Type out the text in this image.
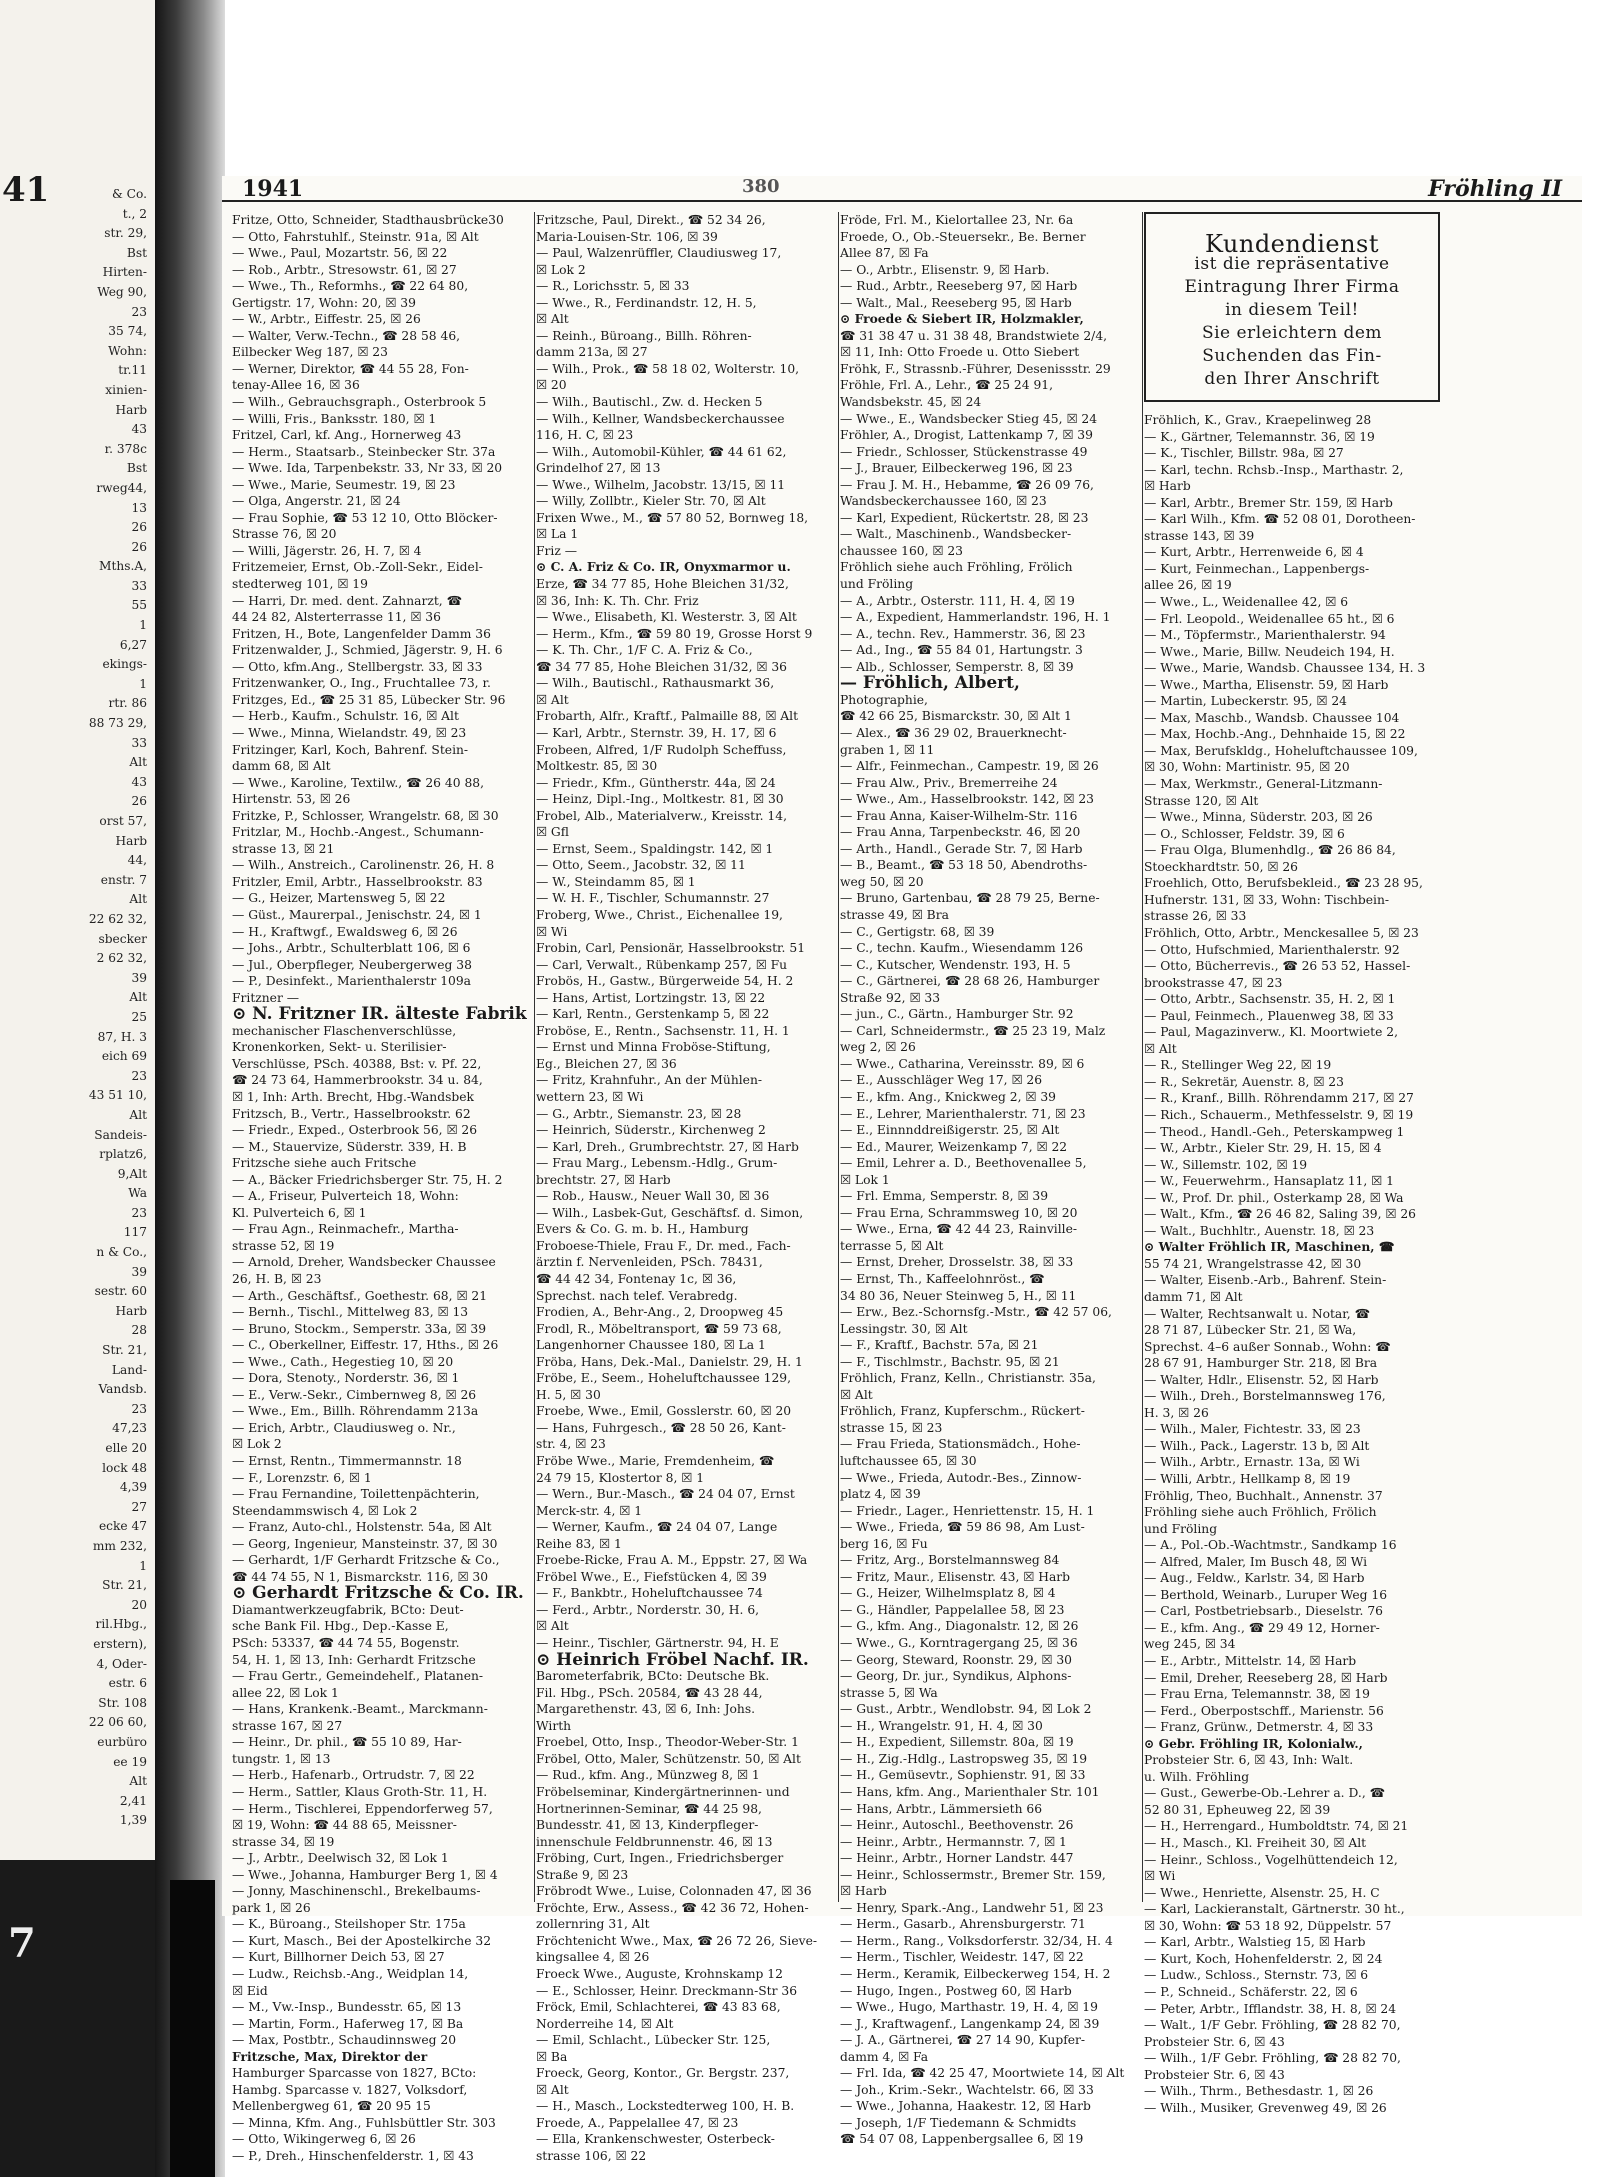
41	& Co.
t., 2
str. 29,
Bst
Hirten-
Weg 90,
23
35 74,
Wohn:
tr.11
xinien-
Harb
43
r. 378c
Bst
rweg44,
13
26
26
Mths.A,
33
55
1
6,27
ekings-
1
rtr. 86
88 73 29,
33
Alt
43
26
orst 57,
Harb
44,
enstr. 7
Alt
22 62 32,
sbecker
2 62 32,
39
Alt
25
87, H. 3
eich 69
23
43 51 10,
Alt
Sandeis-
rplatz6,
9,Alt
Wa
23
117
n & Co.,
39
sestr. 60
Harb
28
Str. 21,
Land-
Vandsb.
23
47,23
elle 20
lock 48
4,39
27
ecke 47
mm 232,
1
Str. 21,
20
ril.Hbg.,
erstern),
4, Oder-
estr. 6
Str. 108
22 06 60,
eurbüro
ee 19
Alt
2,41
1,39
7
1941	380	Fröhling II
Fritze, Otto, Schneider, Stadthausbrücke30
— Otto, Fahrstuhlf., Steinstr. 91a, ☒ Alt
— Wwe., Paul, Mozartstr. 56, ☒ 22
— Rob., Arbtr., Stresowstr. 61, ☒ 27
— Wwe., Th., Reformhs., ☎ 22 64 80,
Gertigstr. 17, Wohn: 20, ☒ 39
— W., Arbtr., Eiffestr. 25, ☒ 26
— Walter, Verw.-Techn., ☎ 28 58 46,
Eilbecker Weg 187, ☒ 23
— Werner, Direktor, ☎ 44 55 28, Fon-
tenay-Allee 16, ☒ 36
— Wilh., Gebrauchsgraph., Osterbrook 5
— Willi, Fris., Banksstr. 180, ☒ 1
Fritzel, Carl, kf. Ang., Hornerweg 43
— Herm., Staatsarb., Steinbecker Str. 37a
— Wwe. Ida, Tarpenbekstr. 33, Nr 33, ☒ 20
— Wwe., Marie, Seumestr. 19, ☒ 23
— Olga, Angerstr. 21, ☒ 24
— Frau Sophie, ☎ 53 12 10, Otto Blöcker-
Strasse 76, ☒ 20
— Willi, Jägerstr. 26, H. 7, ☒ 4
Fritzemeier, Ernst, Ob.-Zoll-Sekr., Eidel-
stedterweg 101, ☒ 19
— Harri, Dr. med. dent. Zahnarzt, ☎
44 24 82, Alsterterrasse 11, ☒ 36
Fritzen, H., Bote, Langenfelder Damm 36
Fritzenwalder, J., Schmied, Jägerstr. 9, H. 6
— Otto, kfm.Ang., Stellbergstr. 33, ☒ 33
Fritzenwanker, O., Ing., Fruchtallee 73, r.
Fritzges, Ed., ☎ 25 31 85, Lübecker Str. 96
— Herb., Kaufm., Schulstr. 16, ☒ Alt
— Wwe., Minna, Wielandstr. 49, ☒ 23
Fritzinger, Karl, Koch, Bahrenf. Stein-
damm 68, ☒ Alt
— Wwe., Karoline, Textilw., ☎ 26 40 88,
Hirtenstr. 53, ☒ 26
Fritzke, P., Schlosser, Wrangelstr. 68, ☒ 30
Fritzlar, M., Hochb.-Angest., Schumann-
strasse 13, ☒ 21
— Wilh., Anstreich., Carolinenstr. 26, H. 8
Fritzler, Emil, Arbtr., Hasselbrookstr. 83
— G., Heizer, Martensweg 5, ☒ 22
— Güst., Maurerpal., Jenischstr. 24, ☒ 1
— H., Kraftwgf., Ewaldsweg 6, ☒ 26
— Johs., Arbtr., Schulterblatt 106, ☒ 6
— Jul., Oberpfleger, Neubergerweg 38
— P., Desinfekt., Marienthalerstr 109a
Fritzner —
⊙ N. Fritzner IR. älteste Fabrik
mechanischer Flaschenverschlüsse,
Kronenkorken, Sekt- u. Sterilisier-
Verschlüsse, PSch. 40388, Bst: v. Pf. 22,
☎ 24 73 64, Hammerbrookstr. 34 u. 84,
☒ 1, Inh: Arth. Brecht, Hbg.-Wandsbek
Fritzsch, B., Vertr., Hasselbrookstr. 62
— Friedr., Exped., Osterbrook 56, ☒ 26
— M., Stauervize, Süderstr. 339, H. B
Fritzsche siehe auch Fritsche
— A., Bäcker Friedrichsberger Str. 75, H. 2
— A., Friseur, Pulverteich 18, Wohn:
Kl. Pulverteich 6, ☒ 1
— Frau Agn., Reinmachefr., Martha-
strasse 52, ☒ 19
— Arnold, Dreher, Wandsbecker Chaussee
26, H. B, ☒ 23
— Arth., Geschäftsf., Goethestr. 68, ☒ 21
— Bernh., Tischl., Mittelweg 83, ☒ 13
— Bruno, Stockm., Semperstr. 33a, ☒ 39
— C., Oberkellner, Eiffestr. 17, Hths., ☒ 26
— Wwe., Cath., Hegestieg 10, ☒ 20
— Dora, Stenoty., Norderstr. 36, ☒ 1
— E., Verw.-Sekr., Cimbernweg 8, ☒ 26
— Wwe., Em., Billh. Röhrendamm 213a
— Erich, Arbtr., Claudiusweg o. Nr.,
☒ Lok 2
— Ernst, Rentn., Timmermannstr. 18
— F., Lorenzstr. 6, ☒ 1
— Frau Fernandine, Toilettenpächterin,
Steendammswisch 4, ☒ Lok 2
— Franz, Auto-chl., Holstenstr. 54a, ☒ Alt
— Georg, Ingenieur, Mansteinstr. 37, ☒ 30
— Gerhardt, 1/F Gerhardt Fritzsche & Co.,
☎ 44 74 55, N 1, Bismarckstr. 116, ☒ 30
⊙ Gerhardt Fritzsche & Co. IR.
Diamantwerkzeugfabrik, BCto: Deut-
sche Bank Fil. Hbg., Dep.-Kasse E,
PSch: 53337, ☎ 44 74 55, Bogenstr.
54, H. 1, ☒ 13, Inh: Gerhardt Fritzsche
— Frau Gertr., Gemeindehelf., Platanen-
allee 22, ☒ Lok 1
— Hans, Krankenk.-Beamt., Marckmann-
strasse 167, ☒ 27
— Heinr., Dr. phil., ☎ 55 10 89, Har-
tungstr. 1, ☒ 13
— Herb., Hafenarb., Ortrudstr. 7, ☒ 22
— Herm., Sattler, Klaus Groth-Str. 11, H.
— Herm., Tischlerei, Eppendorferweg 57,
☒ 19, Wohn: ☎ 44 88 65, Meissner-
strasse 34, ☒ 19
— J., Arbtr., Deelwisch 32, ☒ Lok 1
— Wwe., Johanna, Hamburger Berg 1, ☒ 4
— Jonny, Maschinenschl., Brekelbaums-
park 1, ☒ 26
— K., Büroang., Steilshoper Str. 175a
— Kurt, Masch., Bei der Apostelkirche 32
— Kurt, Billhorner Deich 53, ☒ 27
— Ludw., Reichsb.-Ang., Weidplan 14,
☒ Eid
— M., Vw.-Insp., Bundesstr. 65, ☒ 13
— Martin, Form., Haferweg 17, ☒ Ba
— Max, Postbtr., Schaudinnsweg 20
Fritzsche, Max, Direktor der
Hamburger Sparcasse von 1827, BCto:
Hambg. Sparcasse v. 1827, Volksdorf,
Mellenbergweg 61, ☎ 20 95 15
— Minna, Kfm. Ang., Fuhlsbüttler Str. 303
— Otto, Wikingerweg 6, ☒ 26
— P., Dreh., Hinschenfelderstr. 1, ☒ 43
Fritzsche, Paul, Direkt., ☎ 52 34 26,
Maria-Louisen-Str. 106, ☒ 39
— Paul, Walzenrüffler, Claudiusweg 17,
☒ Lok 2
— R., Lorichsstr. 5, ☒ 33
— Wwe., R., Ferdinandstr. 12, H. 5,
☒ Alt
— Reinh., Büroang., Billh. Röhren-
damm 213a, ☒ 27
— Wilh., Prok., ☎ 58 18 02, Wolterstr. 10,
☒ 20
— Wilh., Bautischl., Zw. d. Hecken 5
— Wilh., Kellner, Wandsbeckerchaussee
116, H. C, ☒ 23
— Wilh., Automobil-Kühler, ☎ 44 61 62,
Grindelhof 27, ☒ 13
— Wwe., Wilhelm, Jacobstr. 13/15, ☒ 11
— Willy, Zollbtr., Kieler Str. 70, ☒ Alt
Frixen Wwe., M., ☎ 57 80 52, Bornweg 18,
☒ La 1
Friz —
⊙ C. A. Friz & Co. IR, Onyxmarmor u.
Erze, ☎ 34 77 85, Hohe Bleichen 31/32,
☒ 36, Inh: K. Th. Chr. Friz
— Wwe., Elisabeth, Kl. Westerstr. 3, ☒ Alt
— Herm., Kfm., ☎ 59 80 19, Grosse Horst 9
— K. Th. Chr., 1/F C. A. Friz & Co.,
☎ 34 77 85, Hohe Bleichen 31/32, ☒ 36
— Wilh., Bautischl., Rathausmarkt 36,
☒ Alt
Frobarth, Alfr., Kraftf., Palmaille 88, ☒ Alt
— Karl, Arbtr., Sternstr. 39, H. 17, ☒ 6
Frobeen, Alfred, 1/F Rudolph Scheffuss,
Moltkestr. 85, ☒ 30
— Friedr., Kfm., Güntherstr. 44a, ☒ 24
— Heinz, Dipl.-Ing., Moltkestr. 81, ☒ 30
Frobel, Alb., Materialverw., Kreisstr. 14,
☒ Gfl
— Ernst, Seem., Spaldingstr. 142, ☒ 1
— Otto, Seem., Jacobstr. 32, ☒ 11
— W., Steindamm 85, ☒ 1
— W. H. F., Tischler, Schumannstr. 27
Froberg, Wwe., Christ., Eichenallee 19,
☒ Wi
Frobin, Carl, Pensionär, Hasselbrookstr. 51
— Carl, Verwalt., Rübenkamp 257, ☒ Fu
Frobös, H., Gastw., Bürgerweide 54, H. 2
— Hans, Artist, Lortzingstr. 13, ☒ 22
— Karl, Rentn., Gerstenkamp 5, ☒ 22
Froböse, E., Rentn., Sachsenstr. 11, H. 1
— Ernst und Minna Froböse-Stiftung,
Eg., Bleichen 27, ☒ 36
— Fritz, Krahnfuhr., An der Mühlen-
wettern 23, ☒ Wi
— G., Arbtr., Siemanstr. 23, ☒ 28
— Heinrich, Süderstr., Kirchenweg 2
— Karl, Dreh., Grumbrechtstr. 27, ☒ Harb
— Frau Marg., Lebensm.-Hdlg., Grum-
brechtstr. 27, ☒ Harb
— Rob., Hausw., Neuer Wall 30, ☒ 36
— Wilh., Lasbek-Gut, Geschäftsf. d. Simon,
Evers & Co. G. m. b. H., Hamburg
Froboese-Thiele, Frau F., Dr. med., Fach-
ärztin f. Nervenleiden, PSch. 78431,
☎ 44 42 34, Fontenay 1c, ☒ 36,
Sprechst. nach telef. Verabredg.
Frodien, A., Behr-Ang., 2, Droopweg 45
Frodl, R., Möbeltransport, ☎ 59 73 68,
Langenhorner Chaussee 180, ☒ La 1
Fröba, Hans, Dek.-Mal., Danielstr. 29, H. 1
Fröbe, E., Seem., Hoheluftchaussee 129,
H. 5, ☒ 30
Froebe, Wwe., Emil, Gosslerstr. 60, ☒ 20
— Hans, Fuhrgesch., ☎ 28 50 26, Kant-
str. 4, ☒ 23
Fröbe Wwe., Marie, Fremdenheim, ☎
24 79 15, Klostertor 8, ☒ 1
— Wern., Bur.-Masch., ☎ 24 04 07, Ernst
Merck-str. 4, ☒ 1
— Werner, Kaufm., ☎ 24 04 07, Lange
Reihe 83, ☒ 1
Froebe-Ricke, Frau A. M., Eppstr. 27, ☒ Wa
Fröbel Wwe., E., Fiefstücken 4, ☒ 39
— F., Bankbtr., Hoheluftchaussee 74
— Ferd., Arbtr., Norderstr. 30, H. 6,
☒ Alt
— Heinr., Tischler, Gärtnerstr. 94, H. E
⊙ Heinrich Fröbel Nachf. IR.
Barometerfabrik, BCto: Deutsche Bk.
Fil. Hbg., PSch. 20584, ☎ 43 28 44,
Margarethenstr. 43, ☒ 6, Inh: Johs.
Wirth
Froebel, Otto, Insp., Theodor-Weber-Str. 1
Fröbel, Otto, Maler, Schützenstr. 50, ☒ Alt
— Rud., kfm. Ang., Münzweg 8, ☒ 1
Fröbelseminar, Kindergärtnerinnen- und
Hortnerinnen-Seminar, ☎ 44 25 98,
Bundesstr. 41, ☒ 13, Kinderpfleger-
innenschule Feldbrunnenstr. 46, ☒ 13
Fröbing, Curt, Ingen., Friedrichsberger
Straße 9, ☒ 23
Fröbrodt Wwe., Luise, Colonnaden 47, ☒ 36
Fröchte, Erw., Assess., ☎ 42 36 72, Hohen-
zollernring 31, Alt
Fröchtenicht Wwe., Max, ☎ 26 72 26, Sieve-
kingsallee 4, ☒ 26
Froeck Wwe., Auguste, Krohnskamp 12
— E., Schlosser, Heinr. Dreckmann-Str 36
Fröck, Emil, Schlachterei, ☎ 43 83 68,
Norderreihe 14, ☒ Alt
— Emil, Schlacht., Lübecker Str. 125,
☒ Ba
Froeck, Georg, Kontor., Gr. Bergstr. 237,
☒ Alt
— H., Masch., Lockstedterweg 100, H. B.
Froede, A., Pappelallee 47, ☒ 23
— Ella, Krankenschwester, Osterbeck-
strasse 106, ☒ 22
Fröde, Frl. M., Kielortallee 23, Nr. 6a
Froede, O., Ob.-Steuersekr., Be. Berner
Allee 87, ☒ Fa
— O., Arbtr., Elisenstr. 9, ☒ Harb.
— Rud., Arbtr., Reeseberg 97, ☒ Harb
— Walt., Mal., Reeseberg 95, ☒ Harb
⊙ Froede & Siebert IR, Holzmakler,
☎ 31 38 47 u. 31 38 48, Brandstwiete 2/4,
☒ 11, Inh: Otto Froede u. Otto Siebert
Fröhk, F., Strassnb.-Führer, Desenissstr. 29
Fröhle, Frl. A., Lehr., ☎ 25 24 91,
Wandsbekstr. 45, ☒ 24
— Wwe., E., Wandsbecker Stieg 45, ☒ 24
Fröhler, A., Drogist, Lattenkamp 7, ☒ 39
— Friedr., Schlosser, Stückenstrasse 49
— J., Brauer, Eilbeckerweg 196, ☒ 23
— Frau J. M. H., Hebamme, ☎ 26 09 76,
Wandsbeckerchaussee 160, ☒ 23
— Karl, Expedient, Rückertstr. 28, ☒ 23
— Walt., Maschinenb., Wandsbecker-
chaussee 160, ☒ 23
Fröhlich siehe auch Fröhling, Frölich
und Fröling
— A., Arbtr., Osterstr. 111, H. 4, ☒ 19
— A., Expedient, Hammerlandstr. 196, H. 1
— A., techn. Rev., Hammerstr. 36, ☒ 23
— Ad., Ing., ☎ 55 84 01, Hartungstr. 3
— Alb., Schlosser, Semperstr. 8, ☒ 39
— Fröhlich, Albert,
Photographie,
☎ 42 66 25, Bismarckstr. 30, ☒ Alt 1
— Alex., ☎ 36 29 02, Brauerknecht-
graben 1, ☒ 11
— Alfr., Feinmechan., Campestr. 19, ☒ 26
— Frau Alw., Priv., Bremerreihe 24
— Wwe., Am., Hasselbrookstr. 142, ☒ 23
— Frau Anna, Kaiser-Wilhelm-Str. 116
— Frau Anna, Tarpenbeckstr. 46, ☒ 20
— Arth., Handl., Gerade Str. 7, ☒ Harb
— B., Beamt., ☎ 53 18 50, Abendroths-
weg 50, ☒ 20
— Bruno, Gartenbau, ☎ 28 79 25, Berne-
strasse 49, ☒ Bra
— C., Gertigstr. 68, ☒ 39
— C., techn. Kaufm., Wiesendamm 126
— C., Kutscher, Wendenstr. 193, H. 5
— C., Gärtnerei, ☎ 28 68 26, Hamburger
Straße 92, ☒ 33
— jun., C., Gärtn., Hamburger Str. 92
— Carl, Schneidermstr., ☎ 25 23 19, Malz
weg 2, ☒ 26
— Wwe., Catharina, Vereinsstr. 89, ☒ 6
— E., Ausschläger Weg 17, ☒ 26
— E., kfm. Ang., Knickweg 2, ☒ 39
— E., Lehrer, Marienthalerstr. 71, ☒ 23
— E., Einnnddreißigerstr. 25, ☒ Alt
— Ed., Maurer, Weizenkamp 7, ☒ 22
— Emil, Lehrer a. D., Beethovenallee 5,
☒ Lok 1
— Frl. Emma, Semperstr. 8, ☒ 39
— Frau Erna, Schrammsweg 10, ☒ 20
— Wwe., Erna, ☎ 42 44 23, Rainville-
terrasse 5, ☒ Alt
— Ernst, Dreher, Drosselstr. 38, ☒ 33
— Ernst, Th., Kaffeelohnröst., ☎
34 80 36, Neuer Steinweg 5, H., ☒ 11
— Erw., Bez.-Schornsfg.-Mstr., ☎ 42 57 06,
Lessingstr. 30, ☒ Alt
— F., Kraftf., Bachstr. 57a, ☒ 21
— F., Tischlmstr., Bachstr. 95, ☒ 21
Fröhlich, Franz, Kelln., Christianstr. 35a,
☒ Alt
Fröhlich, Franz, Kupferschm., Rückert-
strasse 15, ☒ 23
— Frau Frieda, Stationsmädch., Hohe-
luftchaussee 65, ☒ 30
— Wwe., Frieda, Autodr.-Bes., Zinnow-
platz 4, ☒ 39
— Friedr., Lager., Henriettenstr. 15, H. 1
— Wwe., Frieda, ☎ 59 86 98, Am Lust-
berg 16, ☒ Fu
— Fritz, Arg., Borstelmannsweg 84
— Fritz, Maur., Elisenstr. 43, ☒ Harb
— G., Heizer, Wilhelmsplatz 8, ☒ 4
— G., Händler, Pappelallee 58, ☒ 23
— G., kfm. Ang., Diagonalstr. 12, ☒ 26
— Wwe., G., Korntragergang 25, ☒ 36
— Georg, Steward, Roonstr. 29, ☒ 30
— Georg, Dr. jur., Syndikus, Alphons-
strasse 5, ☒ Wa
— Gust., Arbtr., Wendlobstr. 94, ☒ Lok 2
— H., Wrangelstr. 91, H. 4, ☒ 30
— H., Expedient, Sillemstr. 80a, ☒ 19
— H., Zig.-Hdlg., Lastropsweg 35, ☒ 19
— H., Gemüsevtr., Sophienstr. 91, ☒ 33
— Hans, kfm. Ang., Marienthaler Str. 101
— Hans, Arbtr., Lämmersieth 66
— Heinr., Autoschl., Beethovenstr. 26
— Heinr., Arbtr., Hermannstr. 7, ☒ 1
— Heinr., Arbtr., Horner Landstr. 447
— Heinr., Schlossermstr., Bremer Str. 159,
☒ Harb
— Henry, Spark.-Ang., Landwehr 51, ☒ 23
— Herm., Gasarb., Ahrensburgerstr. 71
— Herm., Rang., Volksdorferstr. 32/34, H. 4
— Herm., Tischler, Weidestr. 147, ☒ 22
— Herm., Keramik, Eilbeckerweg 154, H. 2
— Hugo, Ingen., Postweg 60, ☒ Harb
— Wwe., Hugo, Marthastr. 19, H. 4, ☒ 19
— J., Kraftwagenf., Langenkamp 24, ☒ 39
— J. A., Gärtnerei, ☎ 27 14 90, Kupfer-
damm 4, ☒ Fa
— Frl. Ida, ☎ 42 25 47, Moortwiete 14, ☒ Alt
— Joh., Krim.-Sekr., Wachtelstr. 66, ☒ 33
— Wwe., Johanna, Haakestr. 12, ☒ Harb
— Joseph, 1/F Tiedemann & Schmidts
☎ 54 07 08, Lappenbergsallee 6, ☒ 19
Kundendienst
ist die repräsentative
Eintragung Ihrer Firma
in diesem Teil!
Sie erleichtern dem
Suchenden das Fin-
den Ihrer Anschrift
Fröhlich, K., Grav., Kraepelinweg 28
— K., Gärtner, Telemannstr. 36, ☒ 19
— K., Tischler, Billstr. 98a, ☒ 27
— Karl, techn. Rchsb.-Insp., Marthastr. 2,
☒ Harb
— Karl, Arbtr., Bremer Str. 159, ☒ Harb
— Karl Wilh., Kfm. ☎ 52 08 01, Dorotheen-
strasse 143, ☒ 39
— Kurt, Arbtr., Herrenweide 6, ☒ 4
— Kurt, Feinmechan., Lappenbergs-
allee 26, ☒ 19
— Wwe., L., Weidenallee 42, ☒ 6
— Frl. Leopold., Weidenallee 65 ht., ☒ 6
— M., Töpfermstr., Marienthalerstr. 94
— Wwe., Marie, Billw. Neudeich 194, H.
— Wwe., Marie, Wandsb. Chaussee 134, H. 3
— Wwe., Martha, Elisenstr. 59, ☒ Harb
— Martin, Lubeckerstr. 95, ☒ 24
— Max, Maschb., Wandsb. Chaussee 104
— Max, Hochb.-Ang., Dehnhaide 15, ☒ 22
— Max, Berufskldg., Hoheluftchaussee 109,
☒ 30, Wohn: Martinistr. 95, ☒ 20
— Max, Werkmstr., General-Litzmann-
Strasse 120, ☒ Alt
— Wwe., Minna, Süderstr. 203, ☒ 26
— O., Schlosser, Feldstr. 39, ☒ 6
— Frau Olga, Blumenhdlg., ☎ 26 86 84,
Stoeckhardtstr. 50, ☒ 26
Froehlich, Otto, Berufsbekleid., ☎ 23 28 95,
Hufnerstr. 131, ☒ 33, Wohn: Tischbein-
strasse 26, ☒ 33
Fröhlich, Otto, Arbtr., Menckesallee 5, ☒ 23
— Otto, Hufschmied, Marienthalerstr. 92
— Otto, Bücherrevis., ☎ 26 53 52, Hassel-
brookstrasse 47, ☒ 23
— Otto, Arbtr., Sachsenstr. 35, H. 2, ☒ 1
— Paul, Feinmech., Plauenweg 38, ☒ 33
— Paul, Magazinverw., Kl. Moortwiete 2,
☒ Alt
— R., Stellinger Weg 22, ☒ 19
— R., Sekretär, Auenstr. 8, ☒ 23
— R., Kranf., Billh. Röhrendamm 217, ☒ 27
— Rich., Schauerm., Methfesselstr. 9, ☒ 19
— Theod., Handl.-Geh., Peterskampweg 1
— W., Arbtr., Kieler Str. 29, H. 15, ☒ 4
— W., Sillemstr. 102, ☒ 19
— W., Feuerwehrm., Hansaplatz 11, ☒ 1
— W., Prof. Dr. phil., Osterkamp 28, ☒ Wa
— Walt., Kfm., ☎ 26 46 82, Saling 39, ☒ 26
— Walt., Buchhltr., Auenstr. 18, ☒ 23
⊙ Walter Fröhlich IR, Maschinen, ☎
55 74 21, Wrangelstrasse 42, ☒ 30
— Walter, Eisenb.-Arb., Bahrenf. Stein-
damm 71, ☒ Alt
— Walter, Rechtsanwalt u. Notar, ☎
28 71 87, Lübecker Str. 21, ☒ Wa,
Sprechst. 4–6 außer Sonnab., Wohn: ☎
28 67 91, Hamburger Str. 218, ☒ Bra
— Walter, Hdlr., Elisenstr. 52, ☒ Harb
— Wilh., Dreh., Borstelmannsweg 176,
H. 3, ☒ 26
— Wilh., Maler, Fichtestr. 33, ☒ 23
— Wilh., Pack., Lagerstr. 13 b, ☒ Alt
— Wilh., Arbtr., Ernastr. 13a, ☒ Wi
— Willi, Arbtr., Hellkamp 8, ☒ 19
Fröhlig, Theo, Buchhalt., Annenstr. 37
Fröhling siehe auch Fröhlich, Frölich
und Fröling
— A., Pol.-Ob.-Wachtmstr., Sandkamp 16
— Alfred, Maler, Im Busch 48, ☒ Wi
— Aug., Feldw., Karlstr. 34, ☒ Harb
— Berthold, Weinarb., Luruper Weg 16
— Carl, Postbetriebsarb., Dieselstr. 76
— E., kfm. Ang., ☎ 29 49 12, Horner-
weg 245, ☒ 34
— E., Arbtr., Mittelstr. 14, ☒ Harb
— Emil, Dreher, Reeseberg 28, ☒ Harb
— Frau Erna, Telemannstr. 38, ☒ 19
— Ferd., Oberpostschff., Marienstr. 56
— Franz, Grünw., Detmerstr. 4, ☒ 33
⊙ Gebr. Fröhling IR, Kolonialw.,
Probsteier Str. 6, ☒ 43, Inh: Walt.
u. Wilh. Fröhling
— Gust., Gewerbe-Ob.-Lehrer a. D., ☎
52 80 31, Epheuweg 22, ☒ 39
— H., Herrengard., Humboldtstr. 74, ☒ 21
— H., Masch., Kl. Freiheit 30, ☒ Alt
— Heinr., Schloss., Vogelhüttendeich 12,
☒ Wi
— Wwe., Henriette, Alsenstr. 25, H. C
— Karl, Lackieranstalt, Gärtnerstr. 30 ht.,
☒ 30, Wohn: ☎ 53 18 92, Düppelstr. 57
— Karl, Arbtr., Walstieg 15, ☒ Harb
— Kurt, Koch, Hohenfelderstr. 2, ☒ 24
— Ludw., Schloss., Sternstr. 73, ☒ 6
— P., Schneid., Schäferstr. 22, ☒ 6
— Peter, Arbtr., Ifflandstr. 38, H. 8, ☒ 24
— Walt., 1/F Gebr. Fröhling, ☎ 28 82 70,
Probsteier Str. 6, ☒ 43
— Wilh., 1/F Gebr. Fröhling, ☎ 28 82 70,
Probsteier Str. 6, ☒ 43
— Wilh., Thrm., Bethesdastr. 1, ☒ 26
— Wilh., Musiker, Grevenweg 49, ☒ 26
